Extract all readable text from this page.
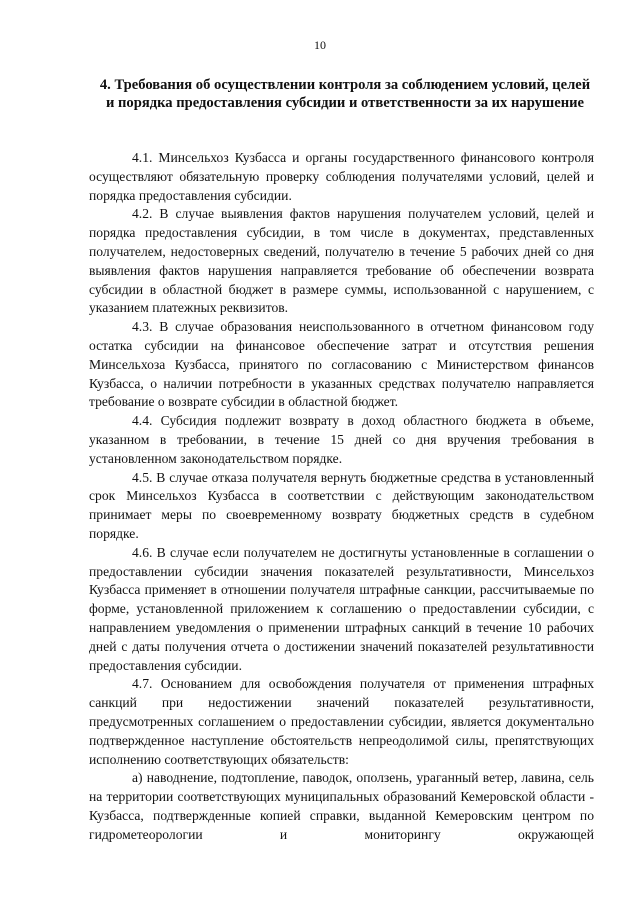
10
4. Требования об осуществлении контроля за соблюдением условий, целей и порядка предоставления субсидии и ответственности за их нарушение

4.1. Минсельхоз Кузбасса и органы государственного финансового контроля осуществляют обязательную проверку соблюдения получателями условий, целей и порядка предоставления субсидии.

4.2. В случае выявления фактов нарушения получателем условий, целей и порядка предоставления субсидии, в том числе в документах, представленных получателем, недостоверных сведений, получателю в течение 5 рабочих дней со дня выявления фактов нарушения направляется требование об обеспечении возврата субсидии в областной бюджет в размере суммы, использованной с нарушением, с указанием платежных реквизитов.

4.3. В случае образования неиспользованного в отчетном финансовом году остатка субсидии на финансовое обеспечение затрат и отсутствия решения Минсельхоза Кузбасса, принятого по согласованию с Министерством финансов Кузбасса, о наличии потребности в указанных средствах получателю направляется требование о возврате субсидии в областной бюджет.

4.4. Субсидия подлежит возврату в доход областного бюджета в объеме, указанном в требовании, в течение 15 дней со дня вручения требования в установленном законодательством порядке.

4.5. В случае отказа получателя вернуть бюджетные средства в установленный срок Минсельхоз Кузбасса в соответствии с действующим законодательством принимает меры по своевременному возврату бюджетных средств в судебном порядке.

4.6. В случае если получателем не достигнуты установленные в соглашении о предоставлении субсидии значения показателей результативности, Минсельхоз Кузбасса применяет в отношении получателя штрафные санкции, рассчитываемые по форме, установленной приложением к соглашению о предоставлении субсидии, с направлением уведомления о применении штрафных санкций в течение 10 рабочих дней с даты получения отчета о достижении значений показателей результативности предоставления субсидии.

4.7. Основанием для освобождения получателя от применения штрафных санкций при недостижении значений показателей результативности, предусмотренных соглашением о предоставлении субсидии, является документально подтвержденное наступление обстоятельств непреодолимой силы, препятствующих исполнению соответствующих обязательств:

а) наводнение, подтопление, паводок, оползень, ураганный ветер, лавина, сель на территории соответствующих муниципальных образований Кемеровской области - Кузбасса, подтвержденные копией справки, выданной Кемеровским центром по гидрометеорологии и мониторингу окружающей
